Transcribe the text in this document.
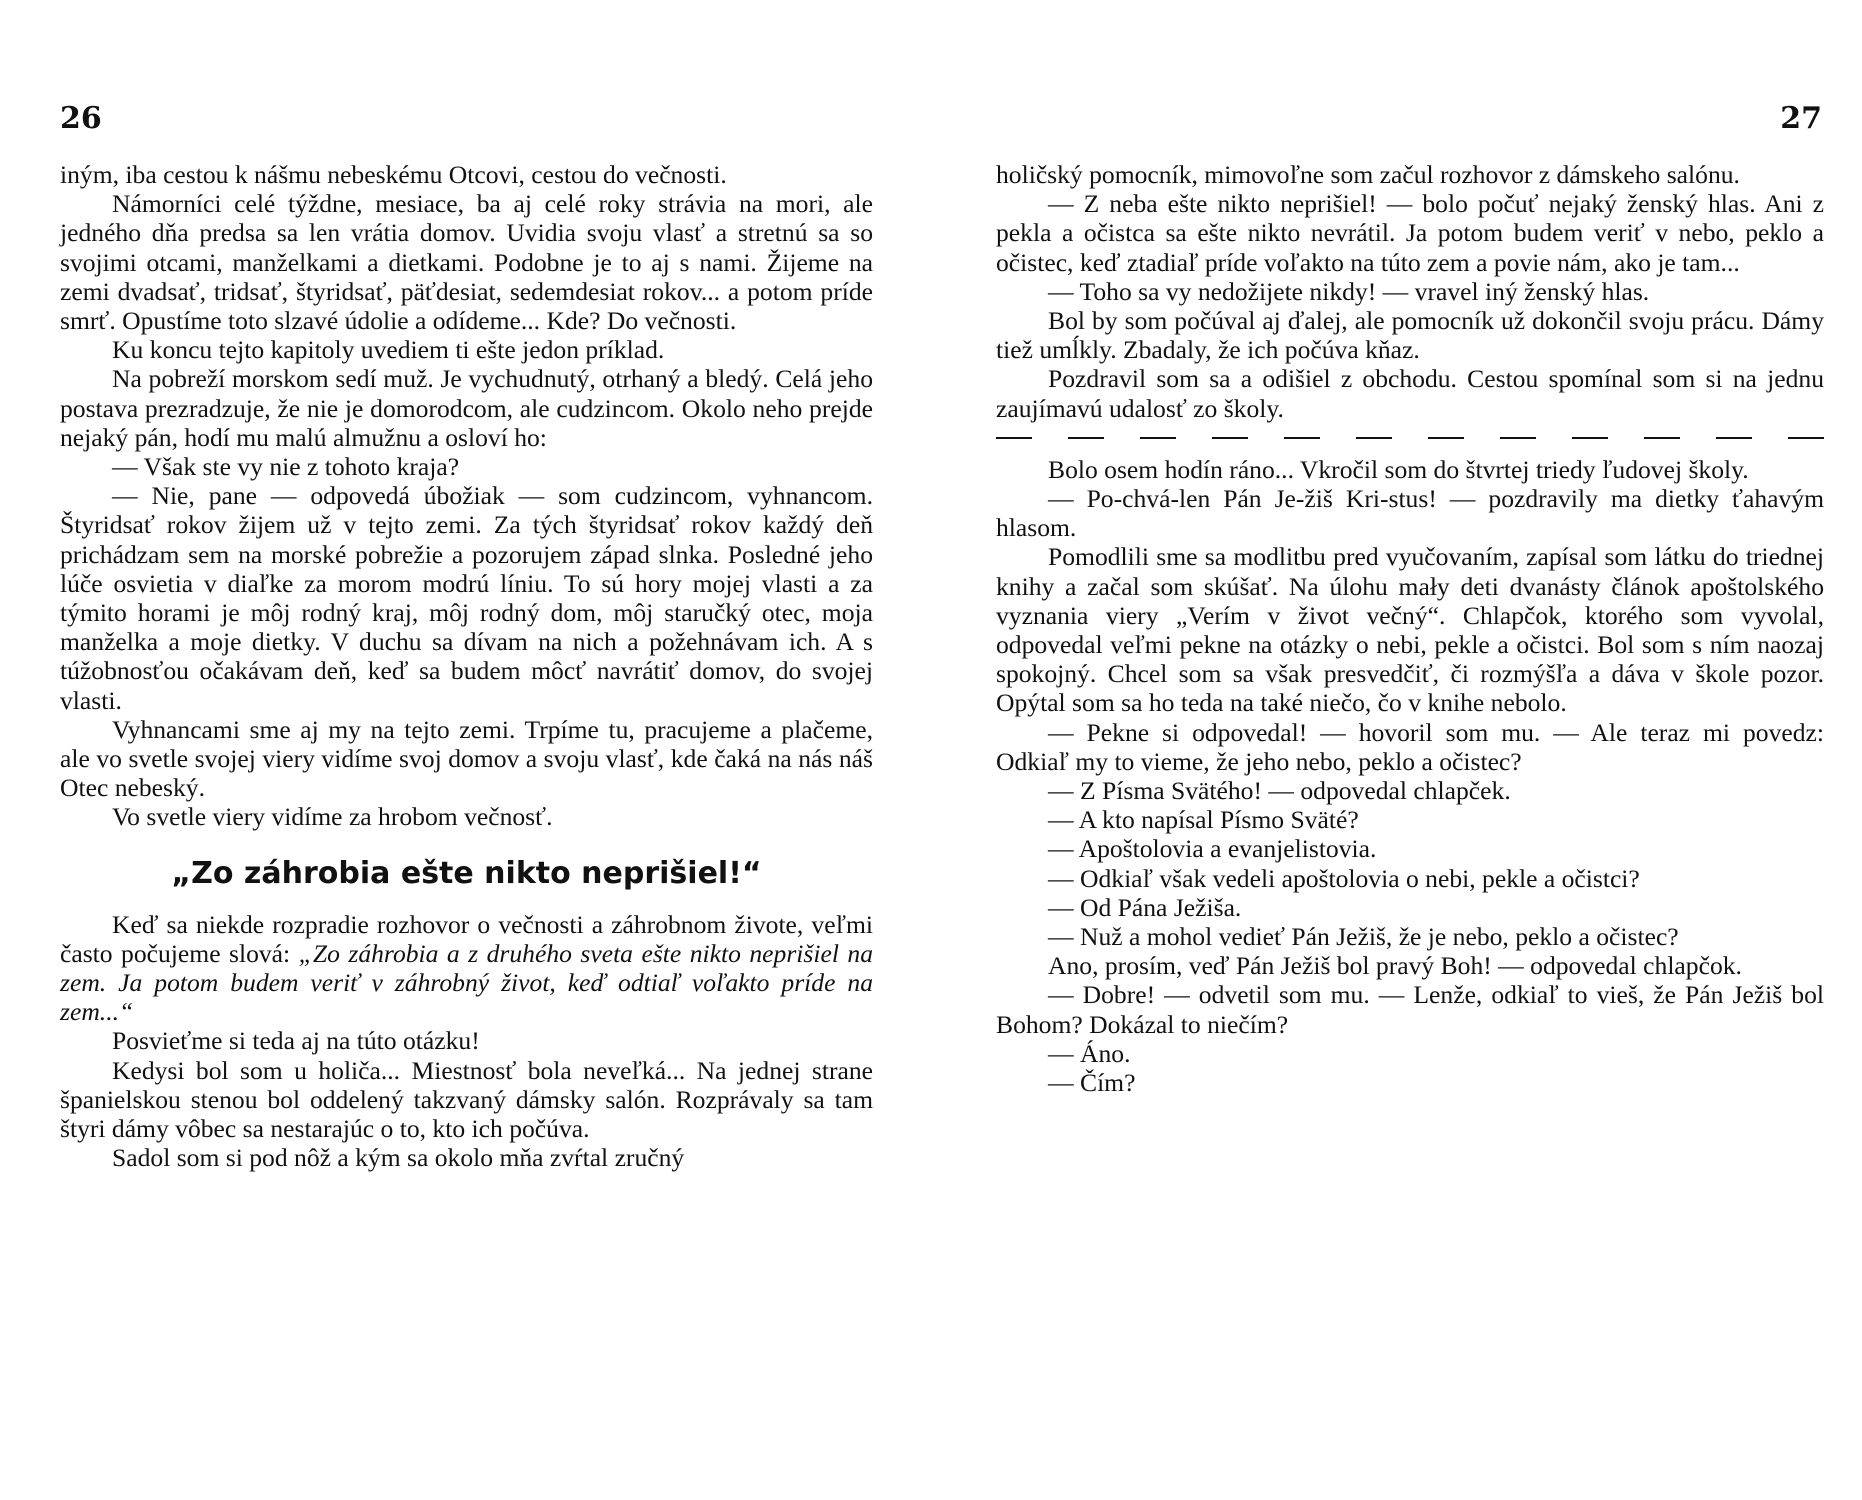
26

iným, iba cestou k nášmu nebeskému Otcovi, cestou do večnosti.

Námorníci celé týždne, mesiace, ba aj celé roky strávia na mori, ale jedného dňa predsa sa len vrátia domov. Uvidia svoju vlasť a stretnú sa so svojimi otcami, manželkami a dietkami. Podobne je to aj s nami. Žijeme na zemi dvadsať, tridsať, štyridsať, päťdesiat, sedemdesiat rokov... a potom príde smrť. Opustíme toto slzavé údolie a odídeme... Kde? Do večnosti.

Ku koncu tejto kapitoly uvediem ti ešte jedon príklad.

Na pobreží morskom sedí muž. Je vychudnutý, otrhaný a bledý. Celá jeho postava prezradzuje, že nie je domorodcom, ale cudzincom. Okolo neho prejde nejaký pán, hodí mu malú almužnu a osloví ho:

— Však ste vy nie z tohoto kraja?

— Nie, pane — odpovedá úbožiak — som cudzincom, vyhnancom. Štyridsať rokov žijem už v tejto zemi. Za tých štyridsať rokov každý deň prichádzam sem na morské pobrežie a pozorujem západ slnka. Posledné jeho lúče osvietia v diaľke za morom modrú líniu. To sú hory mojej vlasti a za týmito horami je môj rodný kraj, môj rodný dom, môj staručký otec, moja manželka a moje dietky. V duchu sa dívam na nich a požehnávam ich. A s túžobnosťou očakávam deň, keď sa budem môcť navrátiť domov, do svojej vlasti.

Vyhnancami sme aj my na tejto zemi. Trpíme tu, pracujeme a plačeme, ale vo svetle svojej viery vidíme svoj domov a svoju vlasť, kde čaká na nás náš Otec nebeský.

Vo svetle viery vidíme za hrobom večnosť.

„Zo záhrobia ešte nikto neprišiel!“

Keď sa niekde rozpradie rozhovor o večnosti a záhrobnom živote, veľmi často počujeme slová: „Zo záhrobia a z druhého sveta ešte nikto neprišiel na zem. Ja potom budem veriť v záhrobný život, keď odtiaľ voľakto príde na zem...“

Posvieťme si teda aj na túto otázku!

Kedysi bol som u holiča... Miestnosť bola neveľká... Na jednej strane španielskou stenou bol oddelený takzvaný dámsky salón. Rozprávaly sa tam štyri dámy vôbec sa nestarajúc o to, kto ich počúva.

Sadol som si pod nôž a kým sa okolo mňa zvŕtal zručný

27

holičský pomocník, mimovoľne som začul rozhovor z dámskeho salónu.

— Z neba ešte nikto neprišiel! — bolo počuť nejaký ženský hlas. Ani z pekla a očistca sa ešte nikto nevrátil. Ja potom budem veriť v nebo, peklo a očistec, keď ztadiaľ príde voľakto na túto zem a povie nám, ako je tam...

— Toho sa vy nedožijete nikdy! — vravel iný ženský hlas.

Bol by som počúval aj ďalej, ale pomocník už dokončil svoju prácu. Dámy tiež umĺkly. Zbadaly, že ich počúva kňaz.

Pozdravil som sa a odišiel z obchodu. Cestou spomínal som si na jednu zaujímavú udalosť zo školy.

Bolo osem hodín ráno... Vkročil som do štvrtej triedy ľudovej školy.

— Po-chvá-len Pán Je-žiš Kri-stus! — pozdravily ma dietky ťahavým hlasom.

Pomodlili sme sa modlitbu pred vyučovaním, zapísal som látku do triednej knihy a začal som skúšať. Na úlohu mały deti dvanásty článok apoštolského vyznania viery „Verím v život večný“. Chlapčok, ktorého som vyvolal, odpovedal veľmi pekne na otázky o nebi, pekle a očistci. Bol som s ním naozaj spokojný. Chcel som sa však presvedčiť, či rozmýšľa a dáva v škole pozor. Opýtal som sa ho teda na také niečo, čo v knihe nebolo.

— Pekne si odpovedal! — hovoril som mu. — Ale teraz mi povedz: Odkiaľ my to vieme, že jeho nebo, peklo a očistec?

— Z Písma Svätého! — odpovedal chlapček.

— A kto napísal Písmo Sväté?

— Apoštolovia a evanjelistovia.

— Odkiaľ však vedeli apoštolovia o nebi, pekle a očistci?

— Od Pána Ježiša.

— Nuž a mohol vedieť Pán Ježiš, že je nebo, peklo a očistec?

Ano, prosím, veď Pán Ježiš bol pravý Boh! — odpovedal chlapčok.

— Dobre! — odvetil som mu. — Lenže, odkiaľ to vieš, že Pán Ježiš bol Bohom? Dokázal to niečím?

— Áno.

— Čím?
